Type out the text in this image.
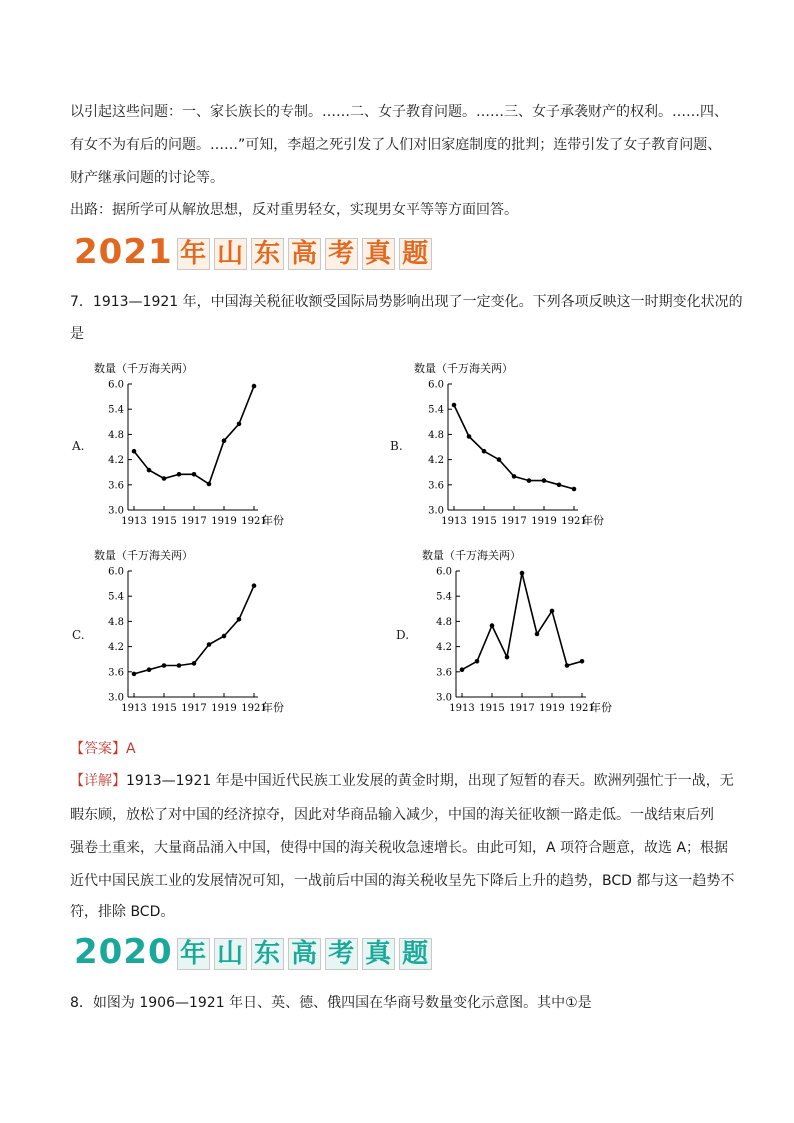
以引起这些问题：一、家长族长的专制。……二、女子教育问题。……三、女子承袭财产的权利。……四、
有女不为有后的问题。……”可知，李超之死引发了人们对旧家庭制度的批判；连带引发了女子教育问题、
财产继承问题的讨论等。
出路：据所学可从解放思想，反对重男轻女，实现男女平等等方面回答。
2021 年 山 东 高 考 真 题
7．1913—1921 年，中国海关税征收额受国际局势影响出现了一定变化。下列各项反映这一时期变化状况的
是
A.	B.
C.	D.
数量（千万海关两）
3.0
3.6
4.2
4.8
5.4
6.0
1913 1915 1917 1919 1921
年份
数量（千万海关两）
3.0
3.6
4.2
4.8
5.4
6.0
1913 1915 1917 1919 1921
年份
数量（千万海关两）
3.0
3.6
4.2
4.8
5.4
6.0
1913 1915 1917 1919 1921
年份
数量（千万海关两）
3.0
3.6
4.2
4.8
5.4
6.0
1913 1915 1917 1919 1921
年份
【答案】A
【详解】1913—1921 年是中国近代民族工业发展的黄金时期，出现了短暂的春天。欧洲列强忙于一战，无
暇东顾，放松了对中国的经济掠夺，因此对华商品输入减少，中国的海关征收额一路走低。一战结束后列
强卷土重来，大量商品涌入中国，使得中国的海关税收急速增长。由此可知，A 项符合题意，故选 A；根据
近代中国民族工业的发展情况可知，一战前后中国的海关税收呈先下降后上升的趋势，BCD 都与这一趋势不
符，排除 BCD。
2020 年 山 东 高 考 真 题
8．如图为 1906—1921 年日、英、德、俄四国在华商号数量变化示意图。其中①是
